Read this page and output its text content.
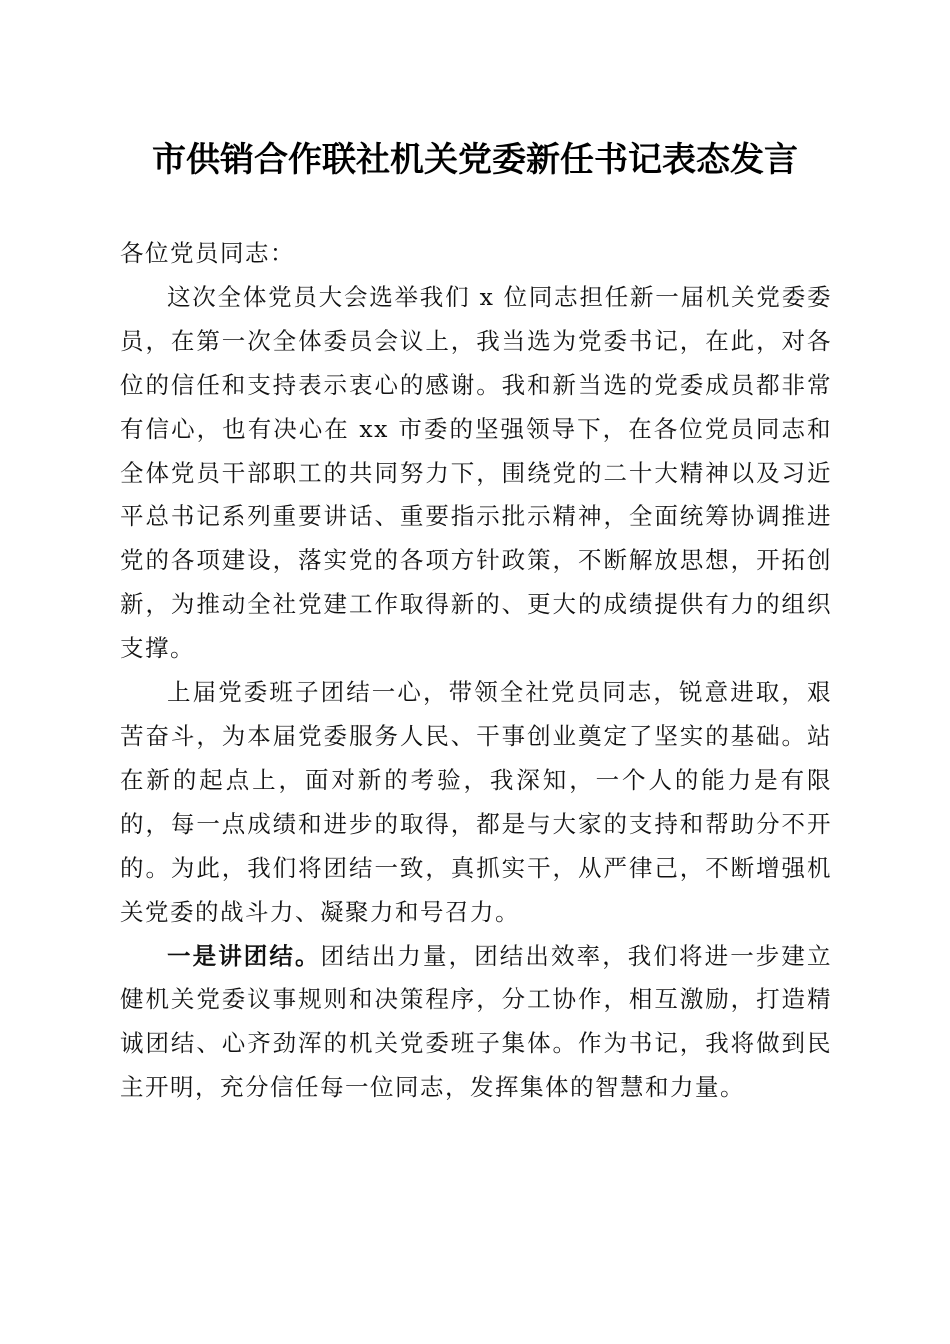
市供销合作联社机关党委新任书记表态发言

各位党员同志：

这次全体党员大会选举我们 x 位同志担任新一届机关党委委员，在第一次全体委员会议上，我当选为党委书记，在此，对各位的信任和支持表示衷心的感谢。我和新当选的党委成员都非常有信心，也有决心在 xx 市委的坚强领导下，在各位党员同志和全体党员干部职工的共同努力下，围绕党的二十大精神以及习近平总书记系列重要讲话、重要指示批示精神，全面统筹协调推进党的各项建设，落实党的各项方针政策，不断解放思想，开拓创新，为推动全社党建工作取得新的、更大的成绩提供有力的组织支撑。

上届党委班子团结一心，带领全社党员同志，锐意进取，艰苦奋斗，为本届党委服务人民、干事创业奠定了坚实的基础。站在新的起点上，面对新的考验，我深知，一个人的能力是有限的，每一点成绩和进步的取得，都是与大家的支持和帮助分不开的。为此，我们将团结一致，真抓实干，从严律己，不断增强机关党委的战斗力、凝聚力和号召力。

一是讲团结。团结出力量，团结出效率，我们将进一步建立健机关党委议事规则和决策程序，分工协作，相互激励，打造精诚团结、心齐劲浑的机关党委班子集体。作为书记，我将做到民主开明，充分信任每一位同志，发挥集体的智慧和力量。
